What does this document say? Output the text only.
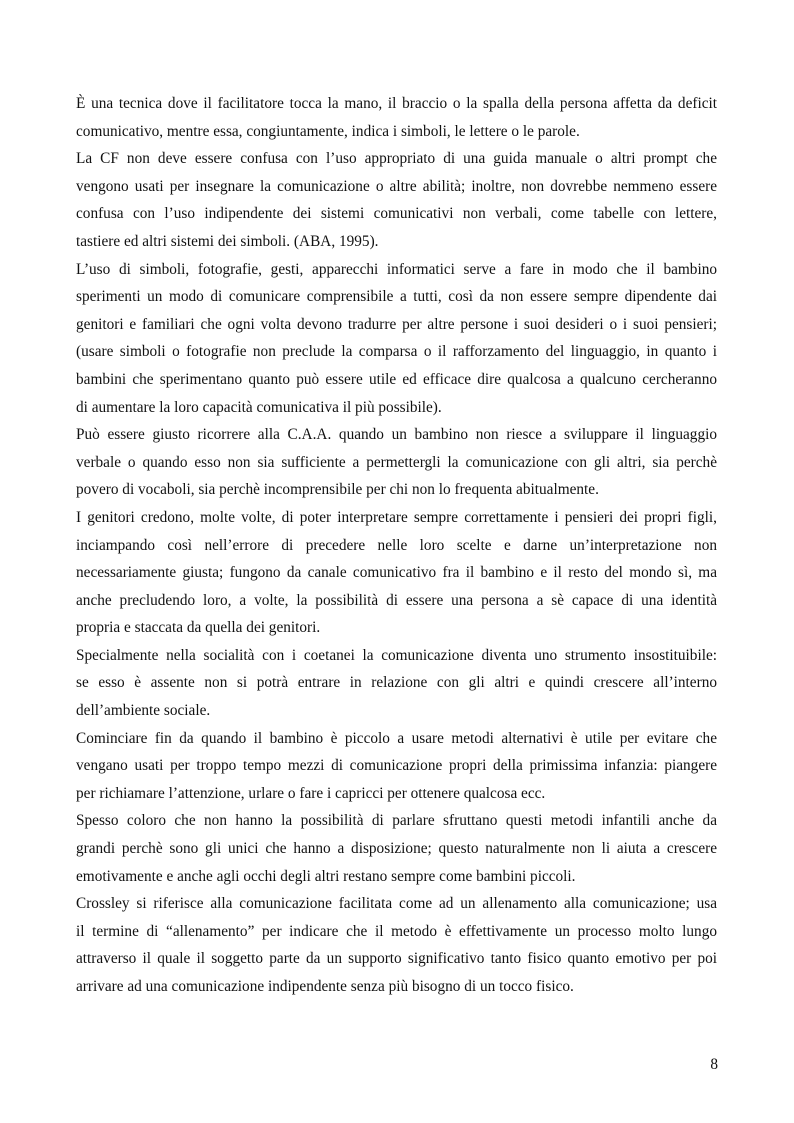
È una tecnica dove il facilitatore tocca la mano, il braccio o la spalla della persona affetta da deficit
comunicativo, mentre essa, congiuntamente, indica i simboli, le lettere o le parole.
La CF non deve essere confusa con l’uso appropriato di una guida manuale o altri prompt che
vengono usati per insegnare la comunicazione o altre abilità; inoltre, non dovrebbe nemmeno essere
confusa con l’uso indipendente dei sistemi comunicativi non verbali, come tabelle con lettere,
tastiere ed altri sistemi dei simboli. (ABA, 1995).
L’uso di simboli, fotografie, gesti, apparecchi informatici serve a fare in modo che il bambino
sperimenti un modo di comunicare comprensibile a tutti, così da non essere sempre dipendente dai
genitori e familiari che ogni volta devono tradurre per altre persone i suoi desideri o i suoi pensieri;
(usare simboli o fotografie non preclude la comparsa o il rafforzamento del linguaggio, in quanto i
bambini che sperimentano quanto può essere utile ed efficace dire qualcosa a qualcuno cercheranno
di aumentare la loro capacità comunicativa il più possibile).
Può essere giusto ricorrere alla C.A.A. quando un bambino non riesce a sviluppare il linguaggio
verbale o quando esso non sia sufficiente a permettergli la comunicazione con gli altri, sia perchè
povero di vocaboli, sia perchè incomprensibile per chi non lo frequenta abitualmente.
I genitori credono, molte volte, di poter interpretare sempre correttamente i pensieri dei propri figli,
inciampando così nell’errore di precedere nelle loro scelte e darne un’interpretazione non
necessariamente giusta; fungono da canale comunicativo fra il bambino e il resto del mondo sì, ma
anche precludendo loro, a volte, la possibilità di essere una persona a sè capace di una identità
propria e staccata da quella dei genitori.
Specialmente nella socialità con i coetanei la comunicazione diventa uno strumento insostituibile:
se esso è assente non si potrà entrare in relazione con gli altri e quindi crescere all’interno
dell’ambiente sociale.
Cominciare fin da quando il bambino è piccolo a usare metodi alternativi è utile per evitare che
vengano usati per troppo tempo mezzi di comunicazione propri della primissima infanzia: piangere
per richiamare l’attenzione, urlare o fare i capricci per ottenere qualcosa ecc.
Spesso coloro che non hanno la possibilità di parlare sfruttano questi metodi infantili anche da
grandi perchè sono gli unici che hanno a disposizione; questo naturalmente non li aiuta a crescere
emotivamente e anche agli occhi degli altri restano sempre come bambini piccoli.
Crossley si riferisce alla comunicazione facilitata come ad un allenamento alla comunicazione; usa
il termine di “allenamento” per indicare che il metodo è effettivamente un processo molto lungo
attraverso il quale il soggetto parte da un supporto significativo tanto fisico quanto emotivo per poi
arrivare ad una comunicazione indipendente senza più bisogno di un tocco fisico.
8
